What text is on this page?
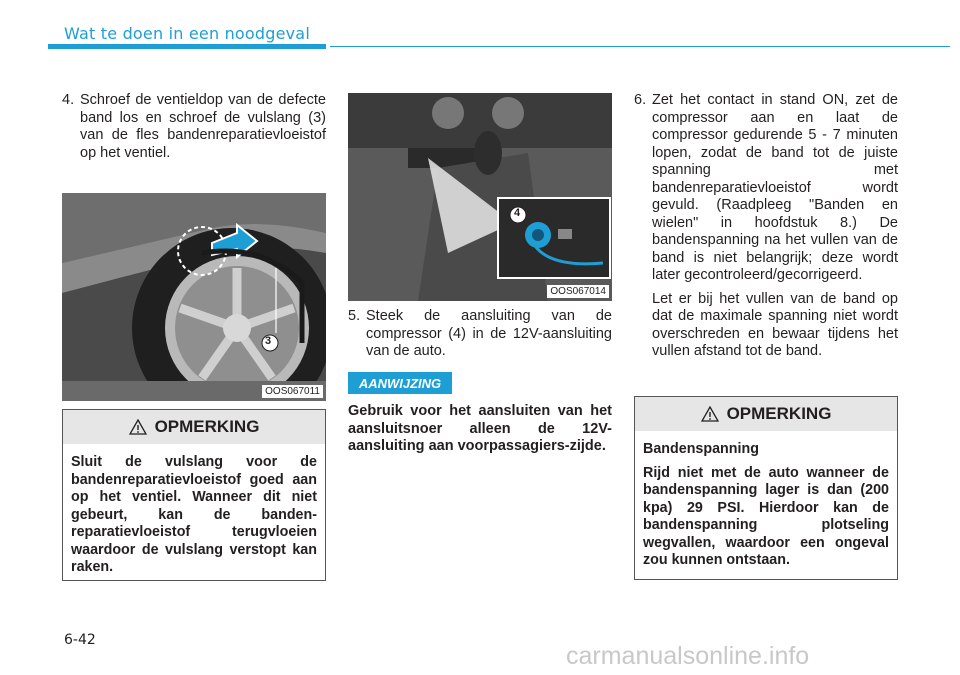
Wat te doen in een noodgeval
4. Schroef de ventieldop van de defecte band los en schroef de vulslang (3) van de fles bandenreparatievloeistof op het ventiel.
3
OOS067011
OPMERKING
Sluit de vulslang voor de bandenreparatievloeistof goed aan op het ventiel. Wanneer dit niet gebeurt, kan de banden-reparatievloeistof terugvloeien waardoor de vulslang verstopt kan raken.
4
OOS067014
5. Steek de aansluiting van de compressor (4) in de 12V-aansluiting van de auto.
AANWIJZING
Gebruik voor het aansluiten van het aansluitsnoer alleen de 12V-aansluiting aan voorpassagiers-zijde.
6. Zet het contact in stand ON, zet de compressor aan en laat de compressor gedurende 5 - 7 minuten lopen, zodat de band tot de juiste spanning met bandenreparatievloeistof wordt gevuld. (Raadpleeg "Banden en wielen" in hoofdstuk 8.) De bandenspanning na het vullen van de band is niet belangrijk; deze wordt later gecontroleerd/gecorrigeerd.
Let er bij het vullen van de band op dat de maximale spanning niet wordt overschreden en bewaar tijdens het vullen afstand tot de band.
OPMERKING
Bandenspanning
Rijd niet met de auto wanneer de bandenspanning lager is dan (200 kpa) 29 PSI. Hierdoor kan de bandenspanning plotseling wegvallen, waardoor een ongeval zou kunnen ontstaan.
6-42
carmanualsonline.info
